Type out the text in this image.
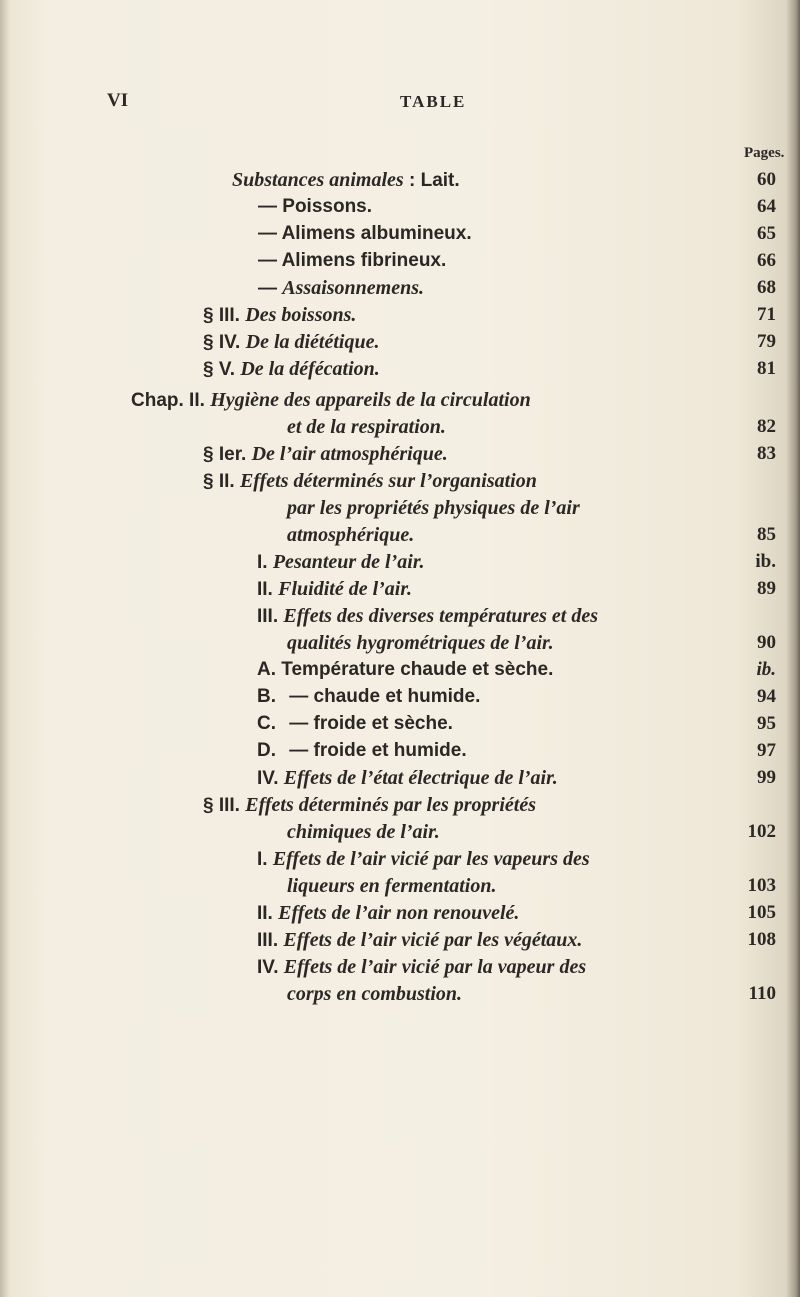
VI	TABLE
Pages.
Substances animales : Lait.	60
— Poissons.	64
— Alimens albumineux.	65
— Alimens fibrineux.	66
— Assaisonnemens.	68
§ III. Des boissons.	71
§ IV. De la diététique.	79
§ V. De la défécation.	81
Chap. II. Hygiène des appareils de la circulation
et de la respiration.	82
§ Ier. De l’air atmosphérique.	83
§ II. Effets déterminés sur l’organisation
par les propriétés physiques de l’air
atmosphérique.	85
I. Pesanteur de l’air.	ib.
II. Fluidité de l’air.	89
III. Effets des diverses températures et des
qualités hygrométriques de l’air.	90
A. Température chaude et sèche.	ib.
B. — chaude et humide.	94
C. — froide et sèche.	95
D. — froide et humide.	97
IV. Effets de l’état électrique de l’air.	99
§ III. Effets déterminés par les propriétés
chimiques de l’air.	102
I. Effets de l’air vicié par les vapeurs des
liqueurs en fermentation.	103
II. Effets de l’air non renouvelé.	105
III. Effets de l’air vicié par les végétaux.	108
IV. Effets de l’air vicié par la vapeur des
corps en combustion.	110
